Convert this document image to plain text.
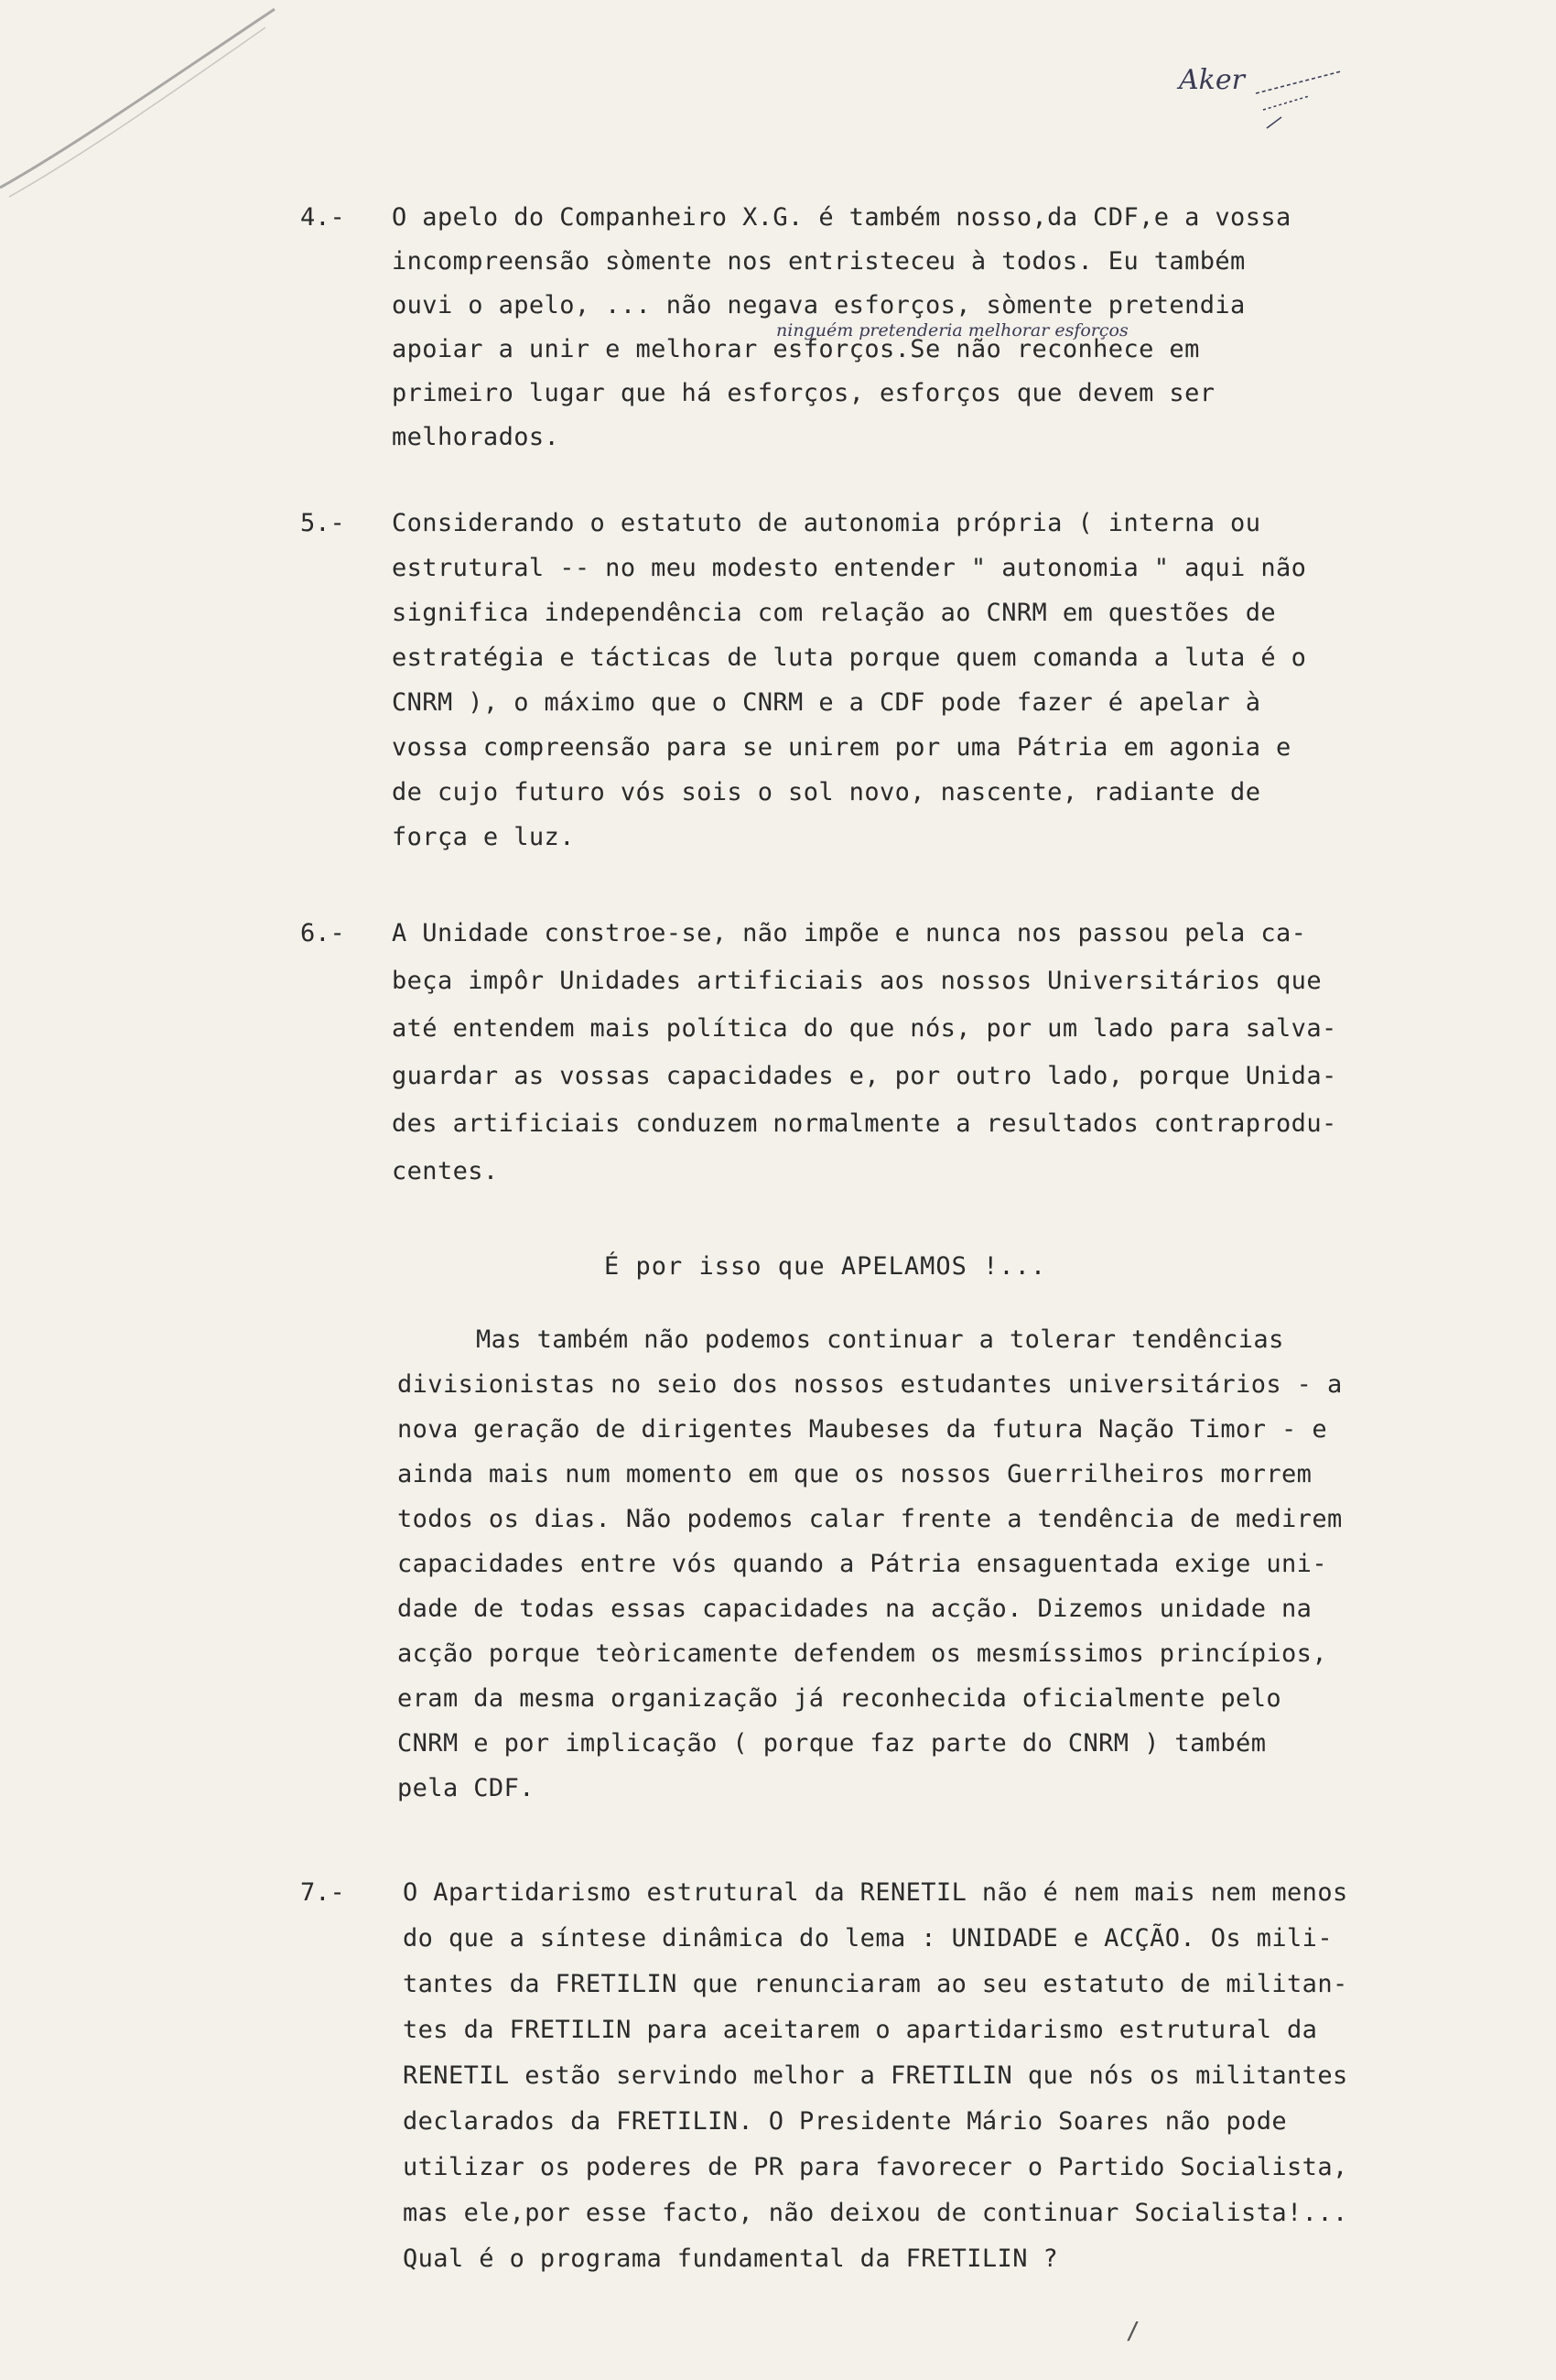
Aker
ninguém pretenderia melhorar esforços
4.- O apelo do Companheiro X.G. é também nosso,da CDF,e a vossa
incompreensão sòmente nos entristeceu à todos. Eu também
ouvi o apelo, ... não negava esforços, sòmente pretendia
apoiar a unir e melhorar esforços.Se não reconhece em
primeiro lugar que há esforços, esforços que devem ser
melhorados.
5.- Considerando o estatuto de autonomia própria ( interna ou
estrutural -- no meu modesto entender " autonomia " aqui não
significa independência com relação ao CNRM em questões de
estratégia e tácticas de luta porque quem comanda a luta é o
CNRM ), o máximo que o CNRM e a CDF pode fazer é apelar à
vossa compreensão para se unirem por uma Pátria em agonia e
de cujo futuro vós sois o sol novo, nascente, radiante de
força e luz.
6.- A Unidade constroe-se, não impõe e nunca nos passou pela ca-
beça impôr Unidades artificiais aos nossos Universitários que
até entendem mais política do que nós, por um lado para salva-
guardar as vossas capacidades e, por outro lado, porque Unida-
des artificiais conduzem normalmente a resultados contraprodu-
centes.
É por isso que APELAMOS !...
Mas também não podemos continuar a tolerar tendências
divisionistas no seio dos nossos estudantes universitários - a
nova geração de dirigentes Maubeses da futura Nação Timor - e
ainda mais num momento em que os nossos Guerrilheiros morrem
todos os dias. Não podemos calar frente a tendência de medirem
capacidades entre vós quando a Pátria ensaguentada exige uni-
dade de todas essas capacidades na acção. Dizemos unidade na
acção porque teòricamente defendem os mesmíssimos princípios,
eram da mesma organização já reconhecida oficialmente pelo
CNRM e por implicação ( porque faz parte do CNRM ) também
pela CDF.
7.- O Apartidarismo estrutural da RENETIL não é nem mais nem menos
do que a síntese dinâmica do lema : UNIDADE e ACÇÃO. Os mili-
tantes da FRETILIN que renunciaram ao seu estatuto de militan-
tes da FRETILIN para aceitarem o apartidarismo estrutural da
RENETIL estão servindo melhor a FRETILIN que nós os militantes
declarados da FRETILIN. O Presidente Mário Soares não pode
utilizar os poderes de PR para favorecer o Partido Socialista,
mas ele,por esse facto, não deixou de continuar Socialista!...
Qual é o programa fundamental da FRETILIN ?
/
